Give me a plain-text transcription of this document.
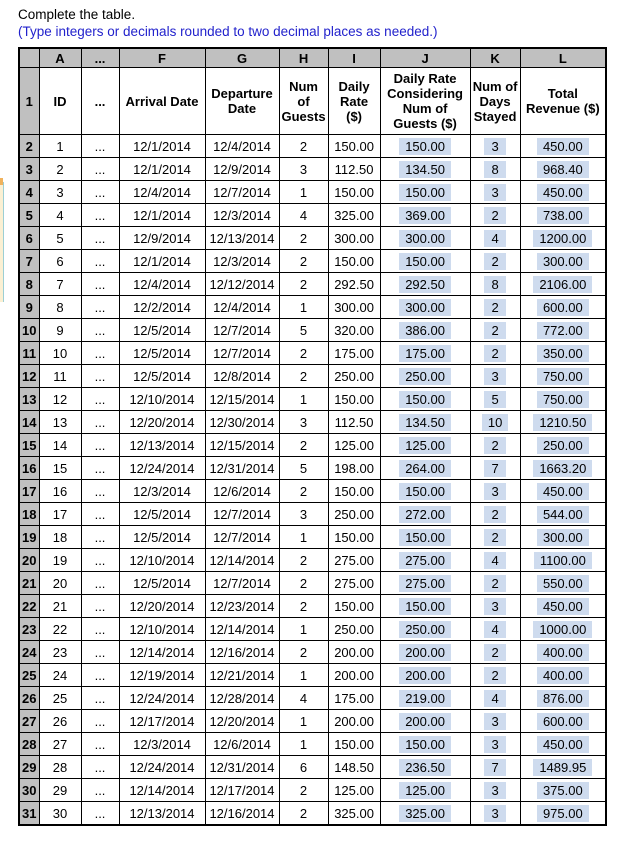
Complete the table.
(Type integers or decimals rounded to two decimal places as needed.)
	A	...	F	G	H	I	J	K	L
1	ID	...	Arrival Date	Departure Date	Num of Guests	Daily Rate ($)	Daily Rate Considering Num of Guests ($)	Num of Days Stayed	Total Revenue ($)
2	1	...	12/1/2014	12/4/2014	2	150.00	150.00	3	450.00
3	2	...	12/1/2014	12/9/2014	3	112.50	134.50	8	968.40
4	3	...	12/4/2014	12/7/2014	1	150.00	150.00	3	450.00
5	4	...	12/1/2014	12/3/2014	4	325.00	369.00	2	738.00
6	5	...	12/9/2014	12/13/2014	2	300.00	300.00	4	1200.00
7	6	...	12/1/2014	12/3/2014	2	150.00	150.00	2	300.00
8	7	...	12/4/2014	12/12/2014	2	292.50	292.50	8	2106.00
9	8	...	12/2/2014	12/4/2014	1	300.00	300.00	2	600.00
10	9	...	12/5/2014	12/7/2014	5	320.00	386.00	2	772.00
11	10	...	12/5/2014	12/7/2014	2	175.00	175.00	2	350.00
12	11	...	12/5/2014	12/8/2014	2	250.00	250.00	3	750.00
13	12	...	12/10/2014	12/15/2014	1	150.00	150.00	5	750.00
14	13	...	12/20/2014	12/30/2014	3	112.50	134.50	10	1210.50
15	14	...	12/13/2014	12/15/2014	2	125.00	125.00	2	250.00
16	15	...	12/24/2014	12/31/2014	5	198.00	264.00	7	1663.20
17	16	...	12/3/2014	12/6/2014	2	150.00	150.00	3	450.00
18	17	...	12/5/2014	12/7/2014	3	250.00	272.00	2	544.00
19	18	...	12/5/2014	12/7/2014	1	150.00	150.00	2	300.00
20	19	...	12/10/2014	12/14/2014	2	275.00	275.00	4	1100.00
21	20	...	12/5/2014	12/7/2014	2	275.00	275.00	2	550.00
22	21	...	12/20/2014	12/23/2014	2	150.00	150.00	3	450.00
23	22	...	12/10/2014	12/14/2014	1	250.00	250.00	4	1000.00
24	23	...	12/14/2014	12/16/2014	2	200.00	200.00	2	400.00
25	24	...	12/19/2014	12/21/2014	1	200.00	200.00	2	400.00
26	25	...	12/24/2014	12/28/2014	4	175.00	219.00	4	876.00
27	26	...	12/17/2014	12/20/2014	1	200.00	200.00	3	600.00
28	27	...	12/3/2014	12/6/2014	1	150.00	150.00	3	450.00
29	28	...	12/24/2014	12/31/2014	6	148.50	236.50	7	1489.95
30	29	...	12/14/2014	12/17/2014	2	125.00	125.00	3	375.00
31	30	...	12/13/2014	12/16/2014	2	325.00	325.00	3	975.00
